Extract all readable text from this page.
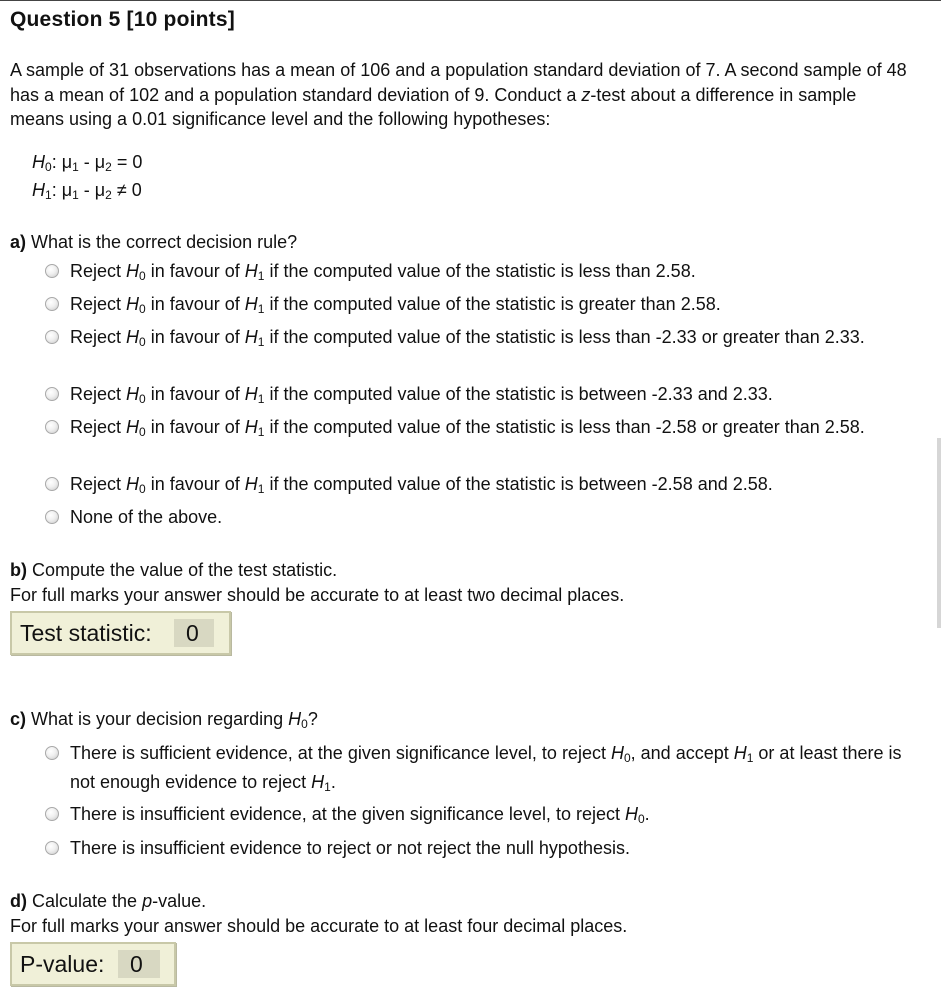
Question 5 [10 points]

A sample of 31 observations has a mean of 106 and a population standard deviation of 7. A second sample of 48 has a mean of 102 and a population standard deviation of 9. Conduct a z-test about a difference in sample means using a 0.01 significance level and the following hypotheses:

$H_0$: $\mu_1 - \mu_2 = 0$
$H_1$: $\mu_1 - \mu_2 \ne 0$
a) What is the correct decision rule?
Reject $H_0$ in favour of $H_1$ if the computed value of the statistic is less than 2.58.
Reject $H_0$ in favour of $H_1$ if the computed value of the statistic is greater than 2.58.
Reject $H_0$ in favour of $H_1$ if the computed value of the statistic is less than -2.33 or greater than 2.33.
Reject $H_0$ in favour of $H_1$ if the computed value of the statistic is between -2.33 and 2.33.
Reject $H_0$ in favour of $H_1$ if the computed value of the statistic is less than -2.58 or greater than 2.58.
Reject $H_0$ in favour of $H_1$ if the computed value of the statistic is between -2.58 and 2.58.
None of the above.
b) Compute the value of the test statistic.
For full marks your answer should be accurate to at least two decimal places.
Test statistic:	0
c) What is your decision regarding $H_0$?
There is sufficient evidence, at the given significance level, to reject $H_0$, and accept $H_1$ or at least there is not enough evidence to reject $H_1$.
There is insufficient evidence, at the given significance level, to reject $H_0$.
There is insufficient evidence to reject or not reject the null hypothesis.
d) Calculate the p-value.
For full marks your answer should be accurate to at least four decimal places.
P-value:	0
